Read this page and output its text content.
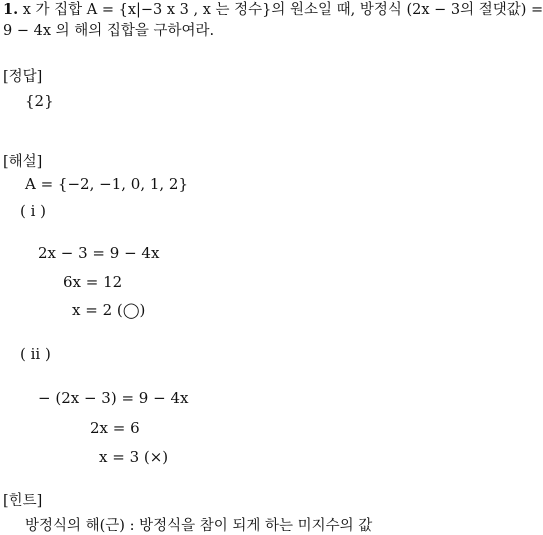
1. x 가 집합 A = {x|−3 x 3 , x 는 정수}의 원소일 때, 방정식 (2x − 3의 절댓값) =
9 − 4x 의 해의 집합을 구하여라.
[정답]
{2}
[해설]
A = {−2, −1, 0, 1, 2}
( i )
2x − 3 = 9 − 4x
6x = 12
x = 2 (◯)
( ii )
− (2x − 3) = 9 − 4x
2x = 6
x = 3 (×)
[힌트]
방정식의 해(근) : 방정식을 참이 되게 하는 미지수의 값
